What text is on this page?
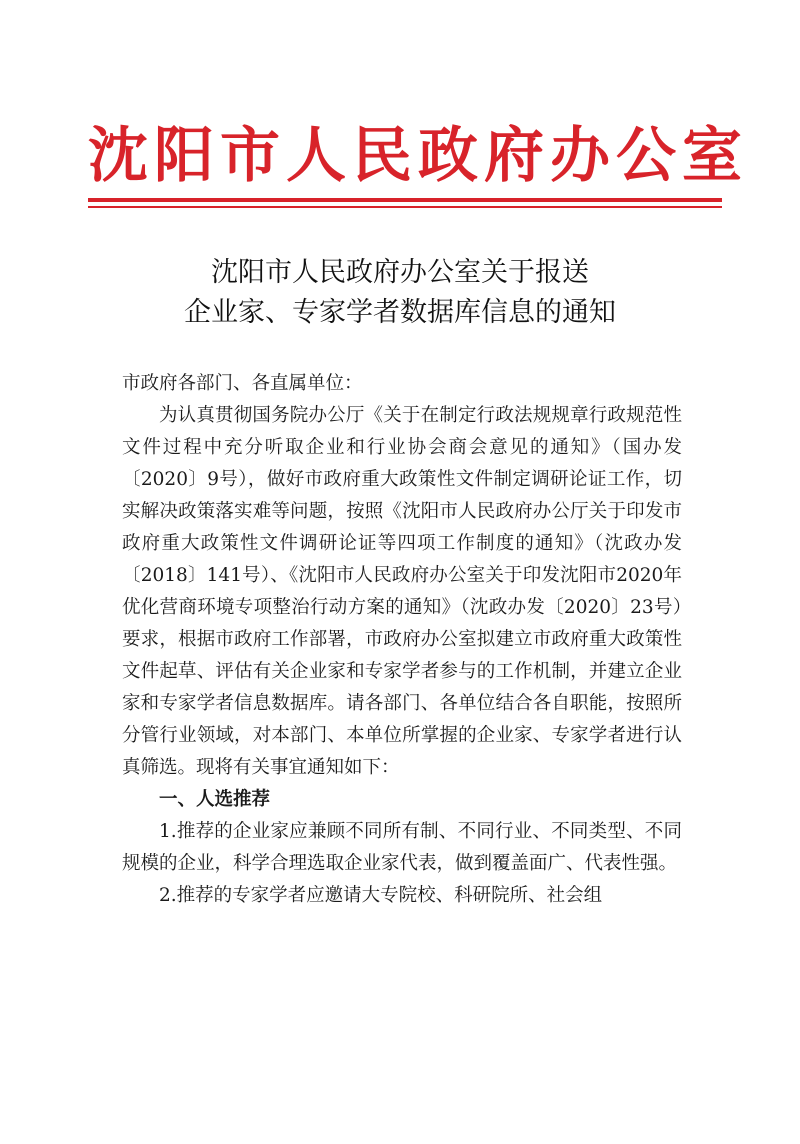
沈阳市人民政府办公室
沈阳市人民政府办公室关于报送
企业家、专家学者数据库信息的通知

市政府各部门、各直属单位：

为认真贯彻国务院办公厅《关于在制定行政法规规章行政规范性文件过程中充分听取企业和行业协会商会意见的通知》（国办发〔2020〕9号），做好市政府重大政策性文件制定调研论证工作，切实解决政策落实难等问题，按照《沈阳市人民政府办公厅关于印发市政府重大政策性文件调研论证等四项工作制度的通知》（沈政办发〔2018〕141号）、《沈阳市人民政府办公室关于印发沈阳市2020年优化营商环境专项整治行动方案的通知》（沈政办发〔2020〕23号）要求，根据市政府工作部署，市政府办公室拟建立市政府重大政策性文件起草、评估有关企业家和专家学者参与的工作机制，并建立企业家和专家学者信息数据库。请各部门、各单位结合各自职能，按照所分管行业领域，对本部门、本单位所掌握的企业家、专家学者进行认真筛选。现将有关事宜通知如下：

一、人选推荐

1.推荐的企业家应兼顾不同所有制、不同行业、不同类型、不同规模的企业，科学合理选取企业家代表，做到覆盖面广、代表性强。

2.推荐的专家学者应邀请大专院校、科研院所、社会组
